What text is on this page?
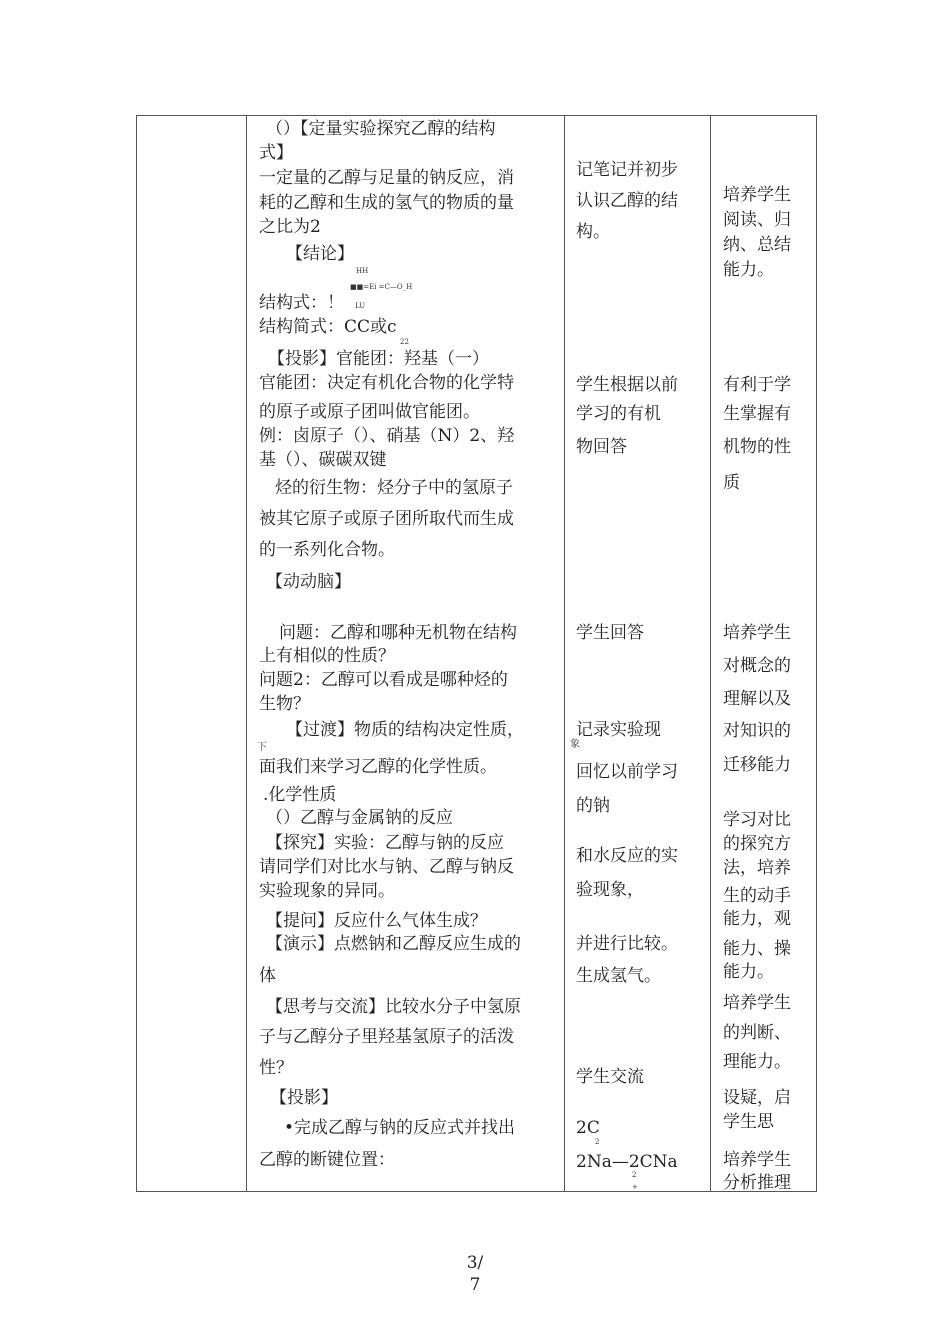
（）【定量实验探究乙醇的结构
式】
一定量的乙醇与足量的钠反应，消
耗的乙醇和生成的氢气的物质的量
之比为2
【结论】
HH
■■=Ei =C—O_H
结构式：！ LU
结构简式：CC或c
22
【投影】官能团：羟基（一）
官能团：决定有机化合物的化学特
的原子或原子团叫做官能团。
例：卤原子（）、硝基（N）2、羟
基（）、碳碳双键
烃的衍生物：烃分子中的氢原子
被其它原子或原子团所取代而生成
的一系列化合物。
【动动脑】
问题：乙醇和哪种无机物在结构
上有相似的性质？
问题2：乙醇可以看成是哪种烃的
生物？
【过渡】物质的结构决定性质，
下
面我们来学习乙醇的化学性质。
.化学性质
（）乙醇与金属钠的反应
【探究】实验：乙醇与钠的反应
请同学们对比水与钠、乙醇与钠反
实验现象的异同。
【提问】反应什么气体生成？
【演示】点燃钠和乙醇反应生成的
体
【思考与交流】比较水分子中氢原
子与乙醇分子里羟基氢原子的活泼
性？
【投影】
•完成乙醇与钠的反应式并找出
乙醇的断键位置：
记笔记并初步
认识乙醇的结
构。
学生根据以前
学习的有机
物回答
学生回答
记录实验现
象
回忆以前学习
的钠
和水反应的实
验现象，
并进行比较。
生成氢气。
学生交流
2C
2
2Na—2CNa
2
+
培养学生
阅读、归
纳、总结
能力。
有利于学
生掌握有
机物的性
质
培养学生
对概念的
理解以及
对知识的
迁移能力
学习对比
的探究方
法，培养
生的动手
能力，观
能力、操
能力。
培养学生
的判断、
理能力。
设疑，启
学生思
培养学生
分析推理
3/
7
